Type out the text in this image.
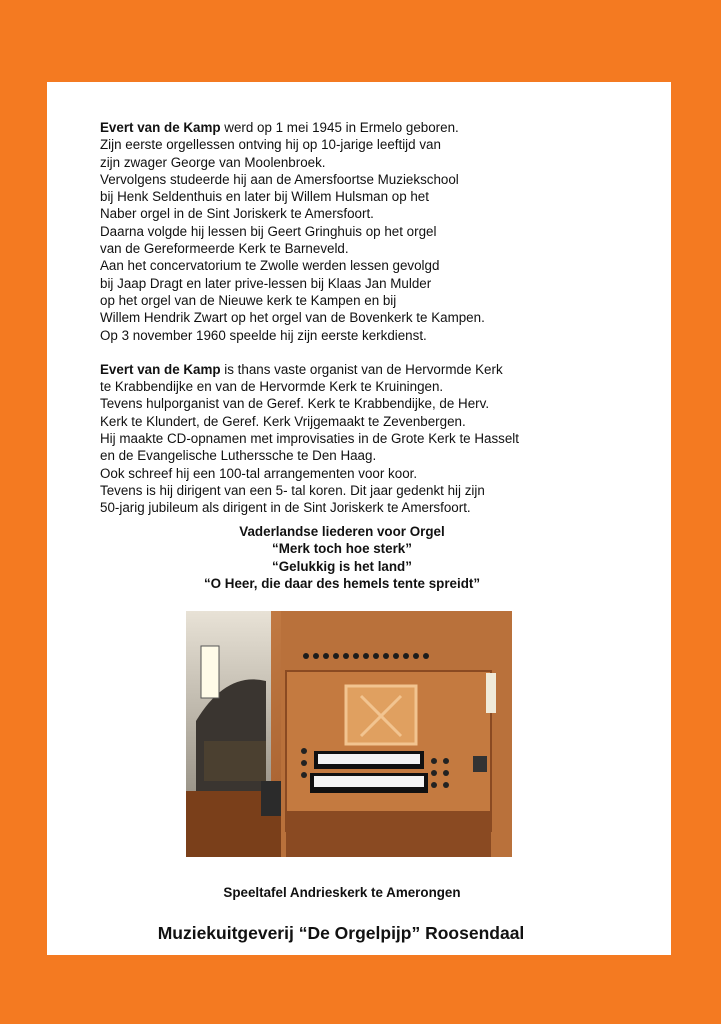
Evert van de Kamp werd op 1 mei 1945 in Ermelo geboren.
Zijn eerste orgellessen ontving hij op 10-jarige leeftijd van
zijn zwager George van Moolenbroek.
Vervolgens studeerde hij aan de Amersfoortse Muziekschool
bij Henk Seldenthuis en later bij Willem Hulsman op het
Naber orgel in de Sint Joriskerk te Amersfoort.
Daarna volgde hij lessen bij Geert Gringhuis op het orgel
van de Gereformeerde Kerk te Barneveld.
Aan het concervatorium te Zwolle werden lessen gevolgd
bij Jaap Dragt en later prive-lessen bij Klaas Jan Mulder
op het orgel van de Nieuwe kerk te Kampen en bij
Willem Hendrik Zwart op het orgel van de Bovenkerk te Kampen.
Op 3 november 1960 speelde hij zijn eerste kerkdienst.

Evert van de Kamp is thans vaste organist van de Hervormde Kerk
te Krabbendijke en van de Hervormde Kerk te Kruiningen.
Tevens hulporganist van de Geref. Kerk te Krabbendijke, de Herv.
Kerk te Klundert, de Geref. Kerk Vrijgemaakt te Zevenbergen.
Hij maakte CD-opnamen met improvisaties in de Grote Kerk te Hasselt
en de Evangelische Lutherssche te Den Haag.
Ook schreef hij een 100-tal arrangementen voor koor.
Tevens is hij dirigent van een 5- tal koren. Dit jaar gedenkt hij zijn
50-jarig jubileum als dirigent in de Sint Joriskerk te Amersfoort.

Vaderlandse liederen voor Orgel
“Merk toch hoe sterk”
“Gelukkig is het land”
“O Heer, die daar des hemels tente spreidt”
Speeltafel Andrieskerk te Amerongen
Muziekuitgeverij “De Orgelpijp” Roosendaal
